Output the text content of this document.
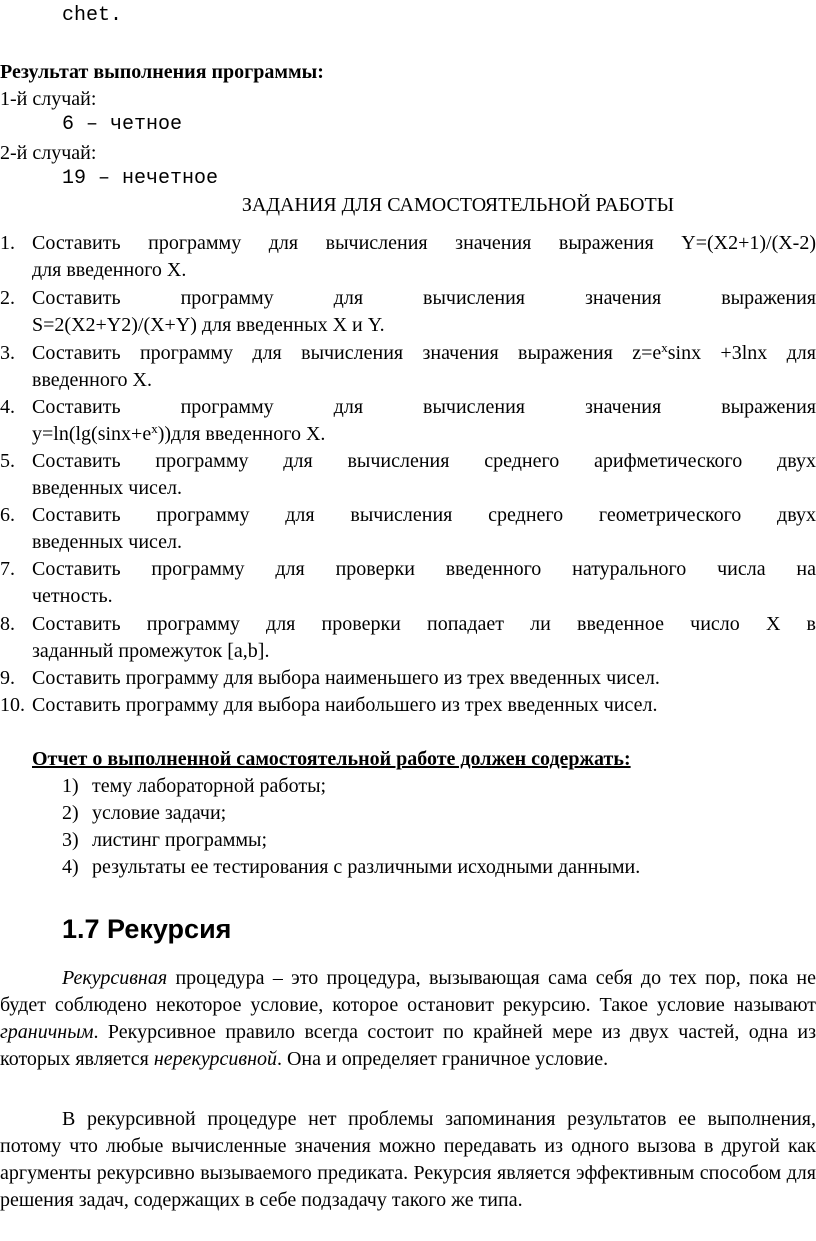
chet.
Результат выполнения программы:
1-й случай:
6 – четное
2-й случай:
19 – нечетное
ЗАДАНИЯ ДЛЯ САМОСТОЯТЕЛЬНОЙ РАБОТЫ
1. Составить программу для вычисления значения выражения Y=(X2+1)/(X-2)
для введенного X.
2. Составить программу для вычисления значения выражения
S=2(X2+Y2)/(X+Y) для введенных X и Y.
3. Составить программу для вычисления значения выражения $z=e^x\sin x +3\ln x$ для
введенного X.
4. Составить программу для вычисления значения выражения
$y=\ln(\lg(\sin x+e^x))для$ введенного X.
5. Составить программу для вычисления среднего арифметического двух
введенных чисел.
6. Составить программу для вычисления среднего геометрического двух
введенных чисел.
7. Составить программу для проверки введенного натурального числа на
четность.
8. Составить программу для проверки попадает ли введенное число X в
заданный промежуток [a,b].
9. Составить программу для выбора наименьшего из трех введенных чисел.
10. Составить программу для выбора наибольшего из трех введенных чисел.
Отчет о выполненной самостоятельной работе должен содержать:
1) тему лабораторной работы;
2) условие задачи;
3) листинг программы;
4) результаты ее тестирования с различными исходными данными.
1.7 Рекурсия
Рекурсивная процедура – это процедура, вызывающая сама себя до тех пор, пока не будет соблюдено некоторое условие, которое остановит рекурсию. Такое условие называют граничным. Рекурсивное правило всегда состоит по крайней мере из двух частей, одна из которых является нерекурсивной. Она и определяет граничное условие.
В рекурсивной процедуре нет проблемы запоминания результатов ее выполнения, потому что любые вычисленные значения можно передавать из одного вызова в другой как аргументы рекурсивно вызываемого предиката. Рекурсия является эффективным способом для решения задач, содержащих в себе подзадачу такого же типа.
